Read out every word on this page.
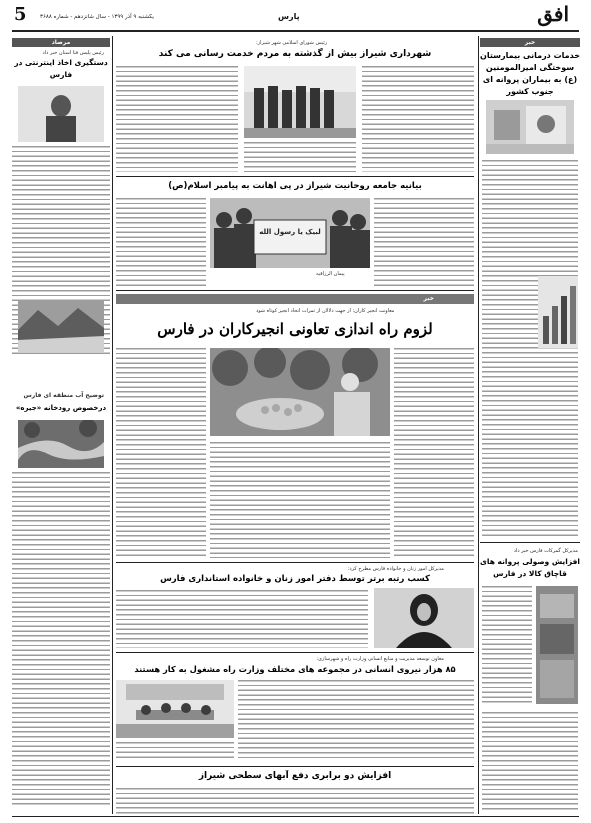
5 یکشنبه ۹ آذر ۱۳۹۹ - سال شانزدهم - شماره ۳۶۸۸	پارس	افق
خبر
خدمات درمانی بیمارستان سوختگی امیرالمومنین (ع) به بیماران پروانه ای جنوب کشور
مدیرکل گمرکات فارس خبر داد
افزایش وصولی پروانه های قاچاق کالا در فارس
مرصاد
رئیس پلیس فتا استان خبر داد
دستگیری اخاذ اینترنتی در فارس
توضیح آب منطقه ای فارس
درخصوص رودخانه «جیره»
رئیس شورای اسلامی شهر شیراز:
شهرداری شیراز بیش از گذشته به مردم خدمت رسانی می کند
بیانیه جامعه روحانیت شیراز در پی اهانت به پیامبر اسلام(ص)
لبیک یا رسول الله
پیمان الرزاقیه
خبر
معاونت انجیر کاران: از جهت دلالان از ثمرات اتحاد انجیر کوتاه شود
لزوم راه اندازی تعاونی انجیرکاران در فارس
مدیرکل امور زنان و خانواده فارس مطرح کرد:
کسب رتبه برتر توسط دفتر امور زنان و خانواده استانداری فارس
معاون توسعه مدیریت و منابع انسانی وزارت راه و شهرسازی:
۸۵ هزار نیروی انسانی در مجموعه های مختلف وزارت راه مشغول به کار هستند
افزایش دو برابری دفع آبهای سطحی شیراز
